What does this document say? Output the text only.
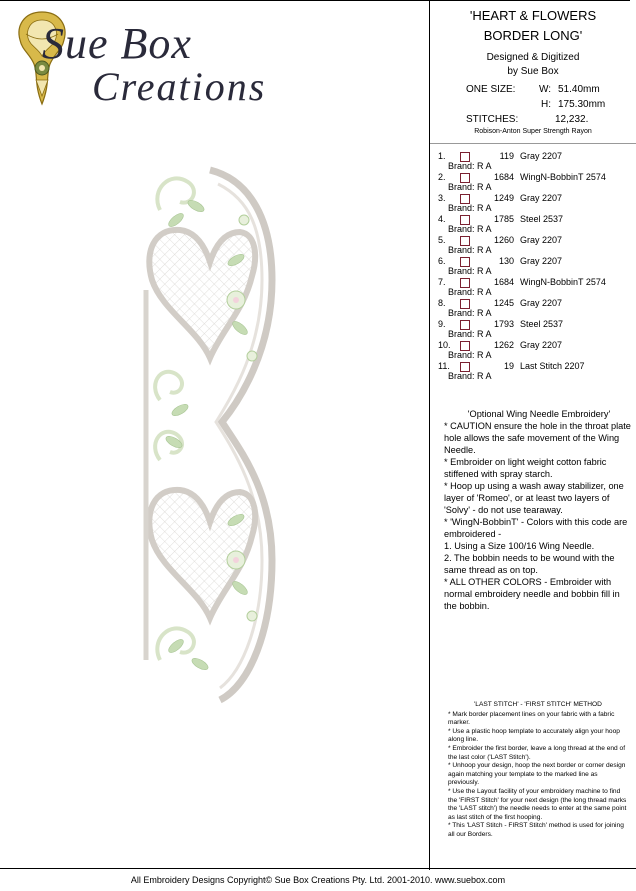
Sue Box
Creations
'HEART & FLOWERS
BORDER LONG'
Designed & Digitized
by Sue Box
ONE SIZE: W: 51.40mm
H: 175.30mm
STITCHES:	12,232.
Robison-Anton Super Strength Rayon
1.	119 Gray 2207
Brand: R A
2.	1684 WingN-BobbinT 2574
Brand: R A
3.	1249 Gray 2207
Brand: R A
4.	1785 Steel 2537
Brand: R A
5.	1260 Gray 2207
Brand: R A
6.	130 Gray 2207
Brand: R A
7.	1684 WingN-BobbinT 2574
Brand: R A
8.	1245 Gray 2207
Brand: R A
9.	1793 Steel 2537
Brand: R A
10.	1262 Gray 2207
Brand: R A
11.	19 Last Stitch 2207
Brand: R A

'Optional Wing Needle Embroidery'

* CAUTION ensure the hole in the throat plate hole allows the safe movement of the Wing Needle.

* Embroider on light weight cotton fabric stiffened with spray starch.

* Hoop up using a wash away stabilizer, one layer of 'Romeo', or at least two layers of 'Solvy' - do not use tearaway.

* 'WingN-BobbinT' - Colors with this code are embroidered -

1. Using a Size 100/16 Wing Needle.

2. The bobbin needs to be wound with the same thread as on top.

* ALL OTHER COLORS - Embroider with normal embroidery needle and bobbin fill in the bobbin.

'LAST STITCH' - 'FIRST STITCH' METHOD

* Mark border placement lines on your fabric with a fabric marker.

* Use a plastic hoop template to accurately align your hoop along line.

* Embroider the first border, leave a long thread at the end of the last color ('LAST Stitch').

* Unhoop your design, hoop the next border or corner design again matching your template to the marked line as previously.

* Use the Layout facility of your embroidery machine to find the 'FIRST Stitch' for your next design (the long thread marks the 'LAST stitch') the needle needs to enter at the same point as last stitch of the first hooping.

* This 'LAST Stitch - FIRST Stitch' method is used for joining all our Borders.

All Embroidery Designs Copyright© Sue Box Creations Pty. Ltd. 2001-2010. www.suebox.com
